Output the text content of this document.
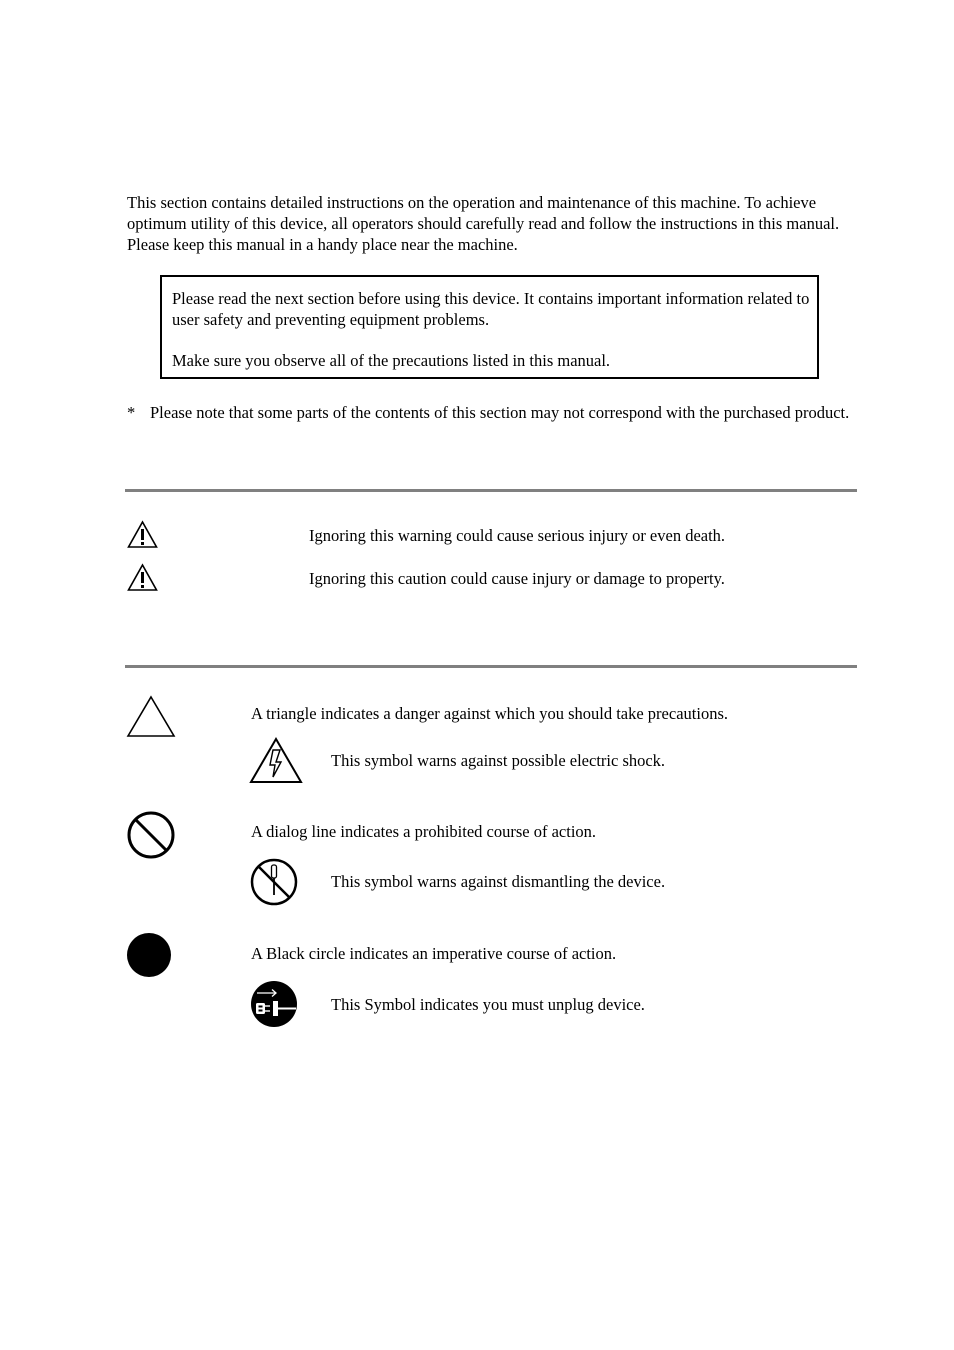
This section contains detailed instructions on the operation and maintenance of this machine. To achieve optimum utility of this device, all operators should carefully read and follow the instructions in this manual. Please keep this manual in a handy place near the machine.
Please read the next section before using this device. It contains important information related to user safety and preventing equipment problems.
Make sure you observe all of the precautions listed in this manual.
* Please note that some parts of the contents of this section may not correspond with the purchased product.
Ignoring this warning could cause serious injury or even death.
Ignoring this caution could cause injury or damage to property.
A triangle indicates a danger against which you should take precautions.
This symbol warns against possible electric shock.
A dialog line indicates a prohibited course of action.
This symbol warns against dismantling the device.
A Black circle indicates an imperative course of action.
This Symbol indicates you must unplug device.
